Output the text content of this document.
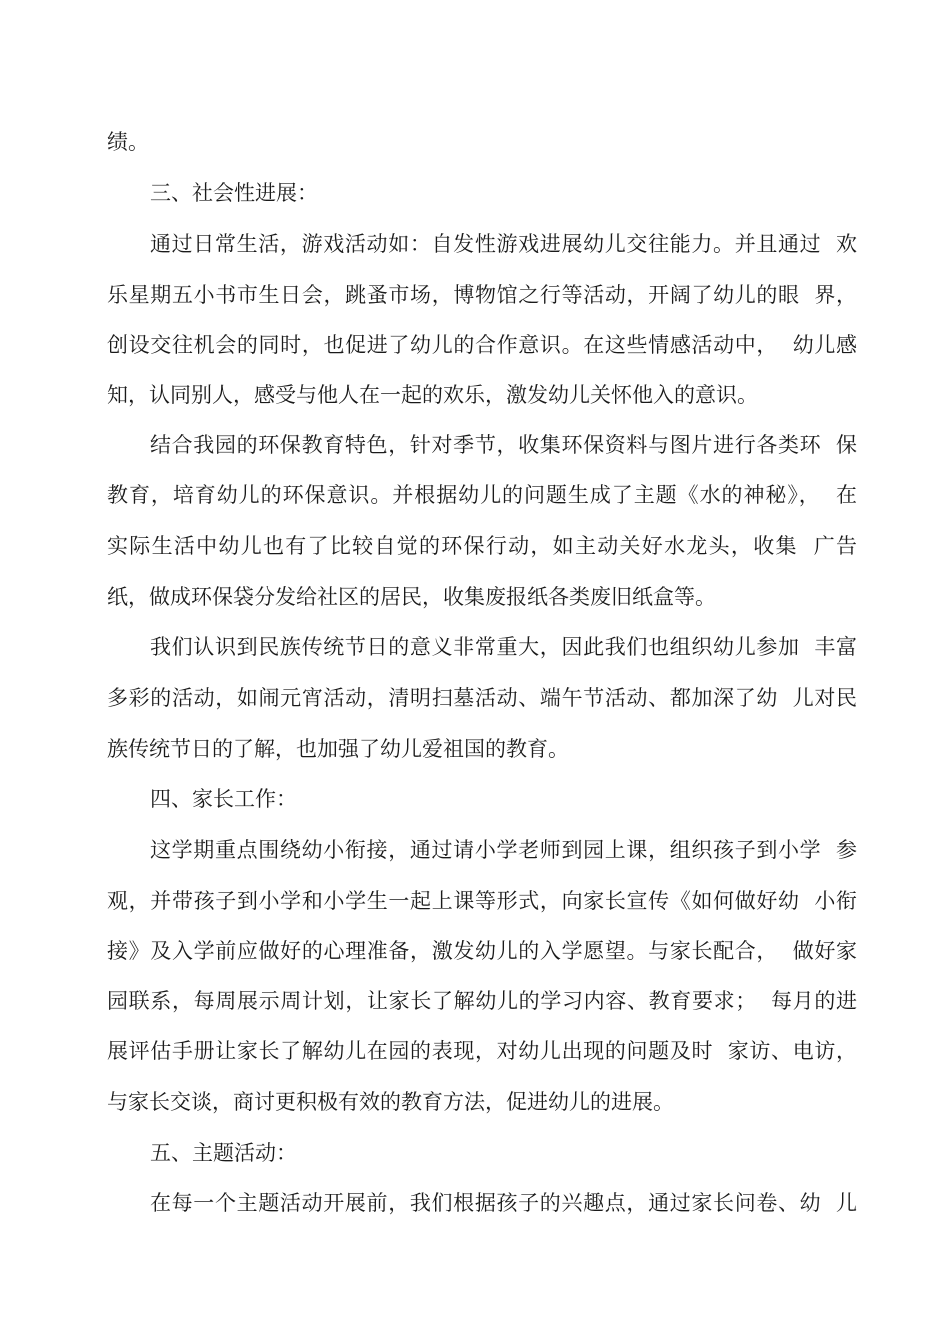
绩。
三、社会性进展：
通过日常生活，游戏活动如：自发性游戏进展幼儿交往能力。并且通过  欢
乐星期五小书市生日会，跳蚤市场，博物馆之行等活动，开阔了幼儿的眼  界，
创设交往机会的同时，也促进了幼儿的合作意识。在这些情感活动中，  幼儿感
知，认同别人，感受与他人在一起的欢乐，激发幼儿关怀他入的意识。
结合我园的环保教育特色，针对季节，收集环保资料与图片进行各类环  保
教育，培育幼儿的环保意识。并根据幼儿的问题生成了主题《水的神秘》，  在
实际生活中幼儿也有了比较自觉的环保行动，如主动关好水龙头，收集  广告
纸，做成环保袋分发给社区的居民，收集废报纸各类废旧纸盒等。
我们认识到民族传统节日的意义非常重大，因此我们也组织幼儿参加  丰富
多彩的活动，如闹元宵活动，清明扫墓活动、端午节活动、都加深了幼  儿对民
族传统节日的了解，也加强了幼儿爱祖国的教育。
四、家长工作：
这学期重点围绕幼小衔接，通过请小学老师到园上课，组织孩子到小学  参
观，并带孩子到小学和小学生一起上课等形式，向家长宣传《如何做好幼  小衔
接》及入学前应做好的心理准备，激发幼儿的入学愿望。与家长配合，  做好家
园联系，每周展示周计划，让家长了解幼儿的学习内容、教育要求；  每月的进
展评估手册让家长了解幼儿在园的表现，对幼儿出现的问题及时  家访、电访，
与家长交谈，商讨更积极有效的教育方法，促进幼儿的进展。
五、主题活动：
在每一个主题活动开展前，我们根据孩子的兴趣点，通过家长问卷、幼  儿
